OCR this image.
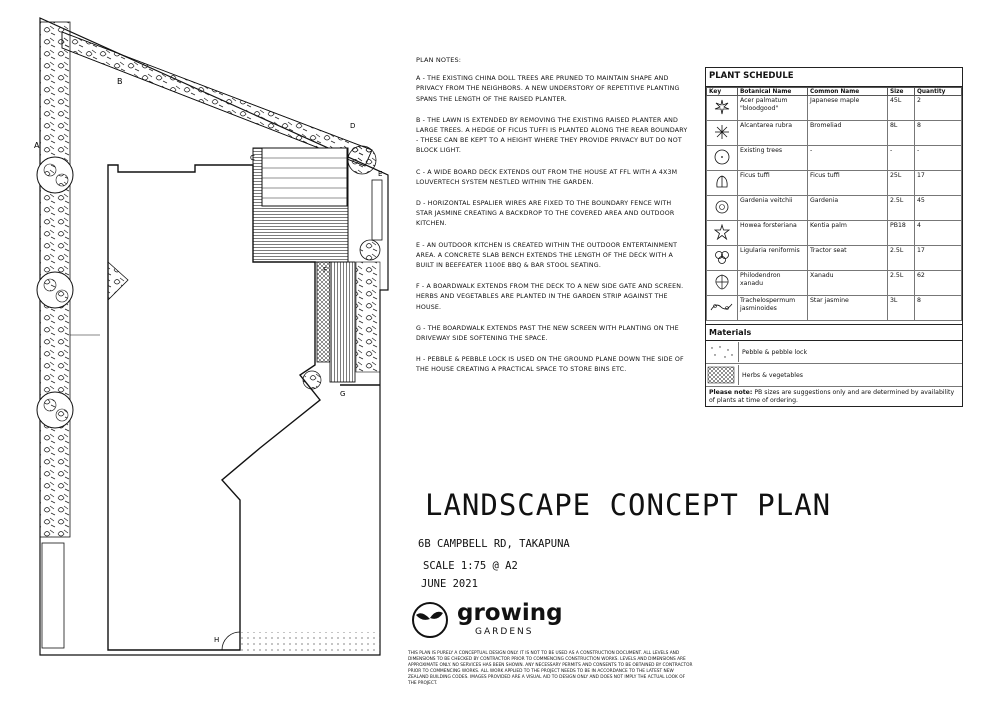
A
B
C
D
E
F
G
H
PLAN NOTES:

A - THE EXISTING CHINA DOLL TREES ARE PRUNED TO MAINTAIN SHAPE AND PRIVACY FROM THE NEIGHBORS. A NEW UNDERSTORY OF REPETITIVE PLANTING SPANS THE LENGTH OF THE RAISED PLANTER.

B - THE LAWN IS EXTENDED BY REMOVING THE EXISTING RAISED PLANTER AND LARGE TREES. A HEDGE OF FICUS TUFFI IS PLANTED ALONG THE REAR BOUNDARY - THESE CAN BE KEPT TO A HEIGHT WHERE THEY PROVIDE PRIVACY BUT DO NOT BLOCK LIGHT.

C - A WIDE BOARD DECK EXTENDS OUT FROM THE HOUSE AT FFL WITH A 4X3M LOUVERTECH SYSTEM NESTLED WITHIN THE GARDEN.

D - HORIZONTAL ESPALIER WIRES ARE FIXED TO THE BOUNDARY FENCE WITH STAR JASMINE CREATING A BACKDROP TO THE COVERED AREA AND OUTDOOR KITCHEN.

E - AN OUTDOOR KITCHEN IS CREATED WITHIN THE OUTDOOR ENTERTAINMENT AREA. A CONCRETE SLAB BENCH EXTENDS THE LENGTH OF THE DECK WITH A BUILT IN BEEFEATER 1100E BBQ & BAR STOOL SEATING.

F - A BOARDWALK EXTENDS FROM THE DECK TO A NEW SIDE GATE AND SCREEN. HERBS AND VEGETABLES ARE PLANTED IN THE GARDEN STRIP AGAINST THE HOUSE.

G - THE BOARDWALK EXTENDS PAST THE NEW SCREEN WITH PLANTING ON THE DRIVEWAY SIDE SOFTENING THE SPACE.

H - PEBBLE & PEBBLE LOCK IS USED ON THE GROUND PLANE DOWN THE SIDE OF THE HOUSE CREATING A PRACTICAL SPACE TO STORE BINS ETC.

PLANT SCHEDULE
Key	Botanical Name	Common Name	Size	Quantity
	Acer palmatum "bloodgood"	Japanese maple	45L	2
	Alcantarea rubra	Bromeliad	8L	8
	Existing trees	-	-	-
	Ficus tuffi	Ficus tuffi	25L	17
	Gardenia veitchii	Gardenia	2.5L	45
	Howea forsteriana	Kentia palm	PB18	4
	Ligularia reniformis	Tractor seat	2.5L	17
	Philodendron xanadu	Xanadu	2.5L	62
	Trachelospermum jasminoides	Star jasmine	3L	8
Materials
Pebble & pebble lock
Herbs & vegetables
Please note: PB sizes are suggestions only and are determined by availability of plants at time of ordering.
LANDSCAPE CONCEPT PLAN
6B CAMPBELL RD, TAKAPUNA
SCALE 1:75 @ A2
JUNE 2021
growing
GARDENS
THIS PLAN IS PURELY A CONCEPTUAL DESIGN ONLY. IT IS NOT TO BE USED AS A CONSTRUCTION DOCUMENT. ALL LEVELS AND DIMENSIONS TO BE CHECKED BY CONTRACTOR PRIOR TO COMMENCING CONSTRUCTION WORKS. LEVELS AND DIMENSIONS ARE APPROXIMATE ONLY. NO SERVICES HAS BEEN SHOWN. ANY NECESSARY PERMITS AND CONSENTS TO BE OBTAINED BY CONTRACTOR PRIOR TO COMMENCING WORKS. ALL WORK APPLIED TO THE PROJECT NEEDS TO BE IN ACCORDANCE TO THE LATEST NEW ZEALAND BUILDING CODES. IMAGES PROVIDED ARE A VISUAL AID TO DESIGN ONLY AND DOES NOT IMPLY THE ACTUAL LOOK OF THE PROJECT.
